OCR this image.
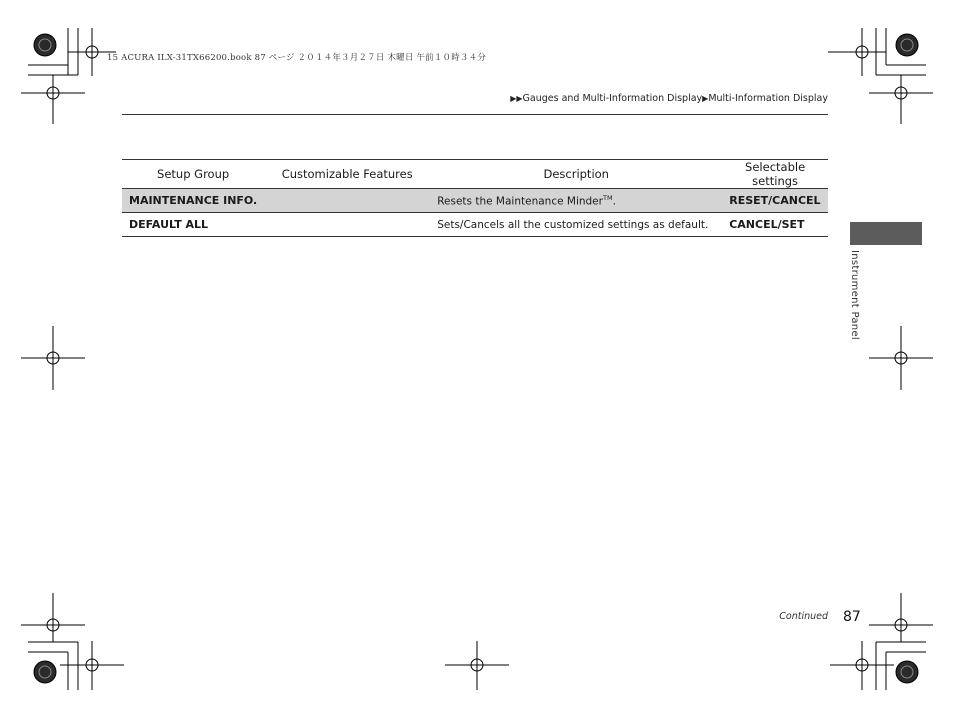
15 ACURA ILX-31TX66200.book 87 ページ ２０１４年３月２７日 木曜日 午前１０時３４分
▶▶Gauges and Multi-Information Display▶Multi-Information Display
Setup Group	Customizable Features	Description	Selectable settings
MAINTENANCE INFO.		Resets the Maintenance Minder™.	RESET/CANCEL
DEFAULT ALL		Sets/Cancels all the customized settings as default.	CANCEL/SET
Instrument Panel
Continued 87
